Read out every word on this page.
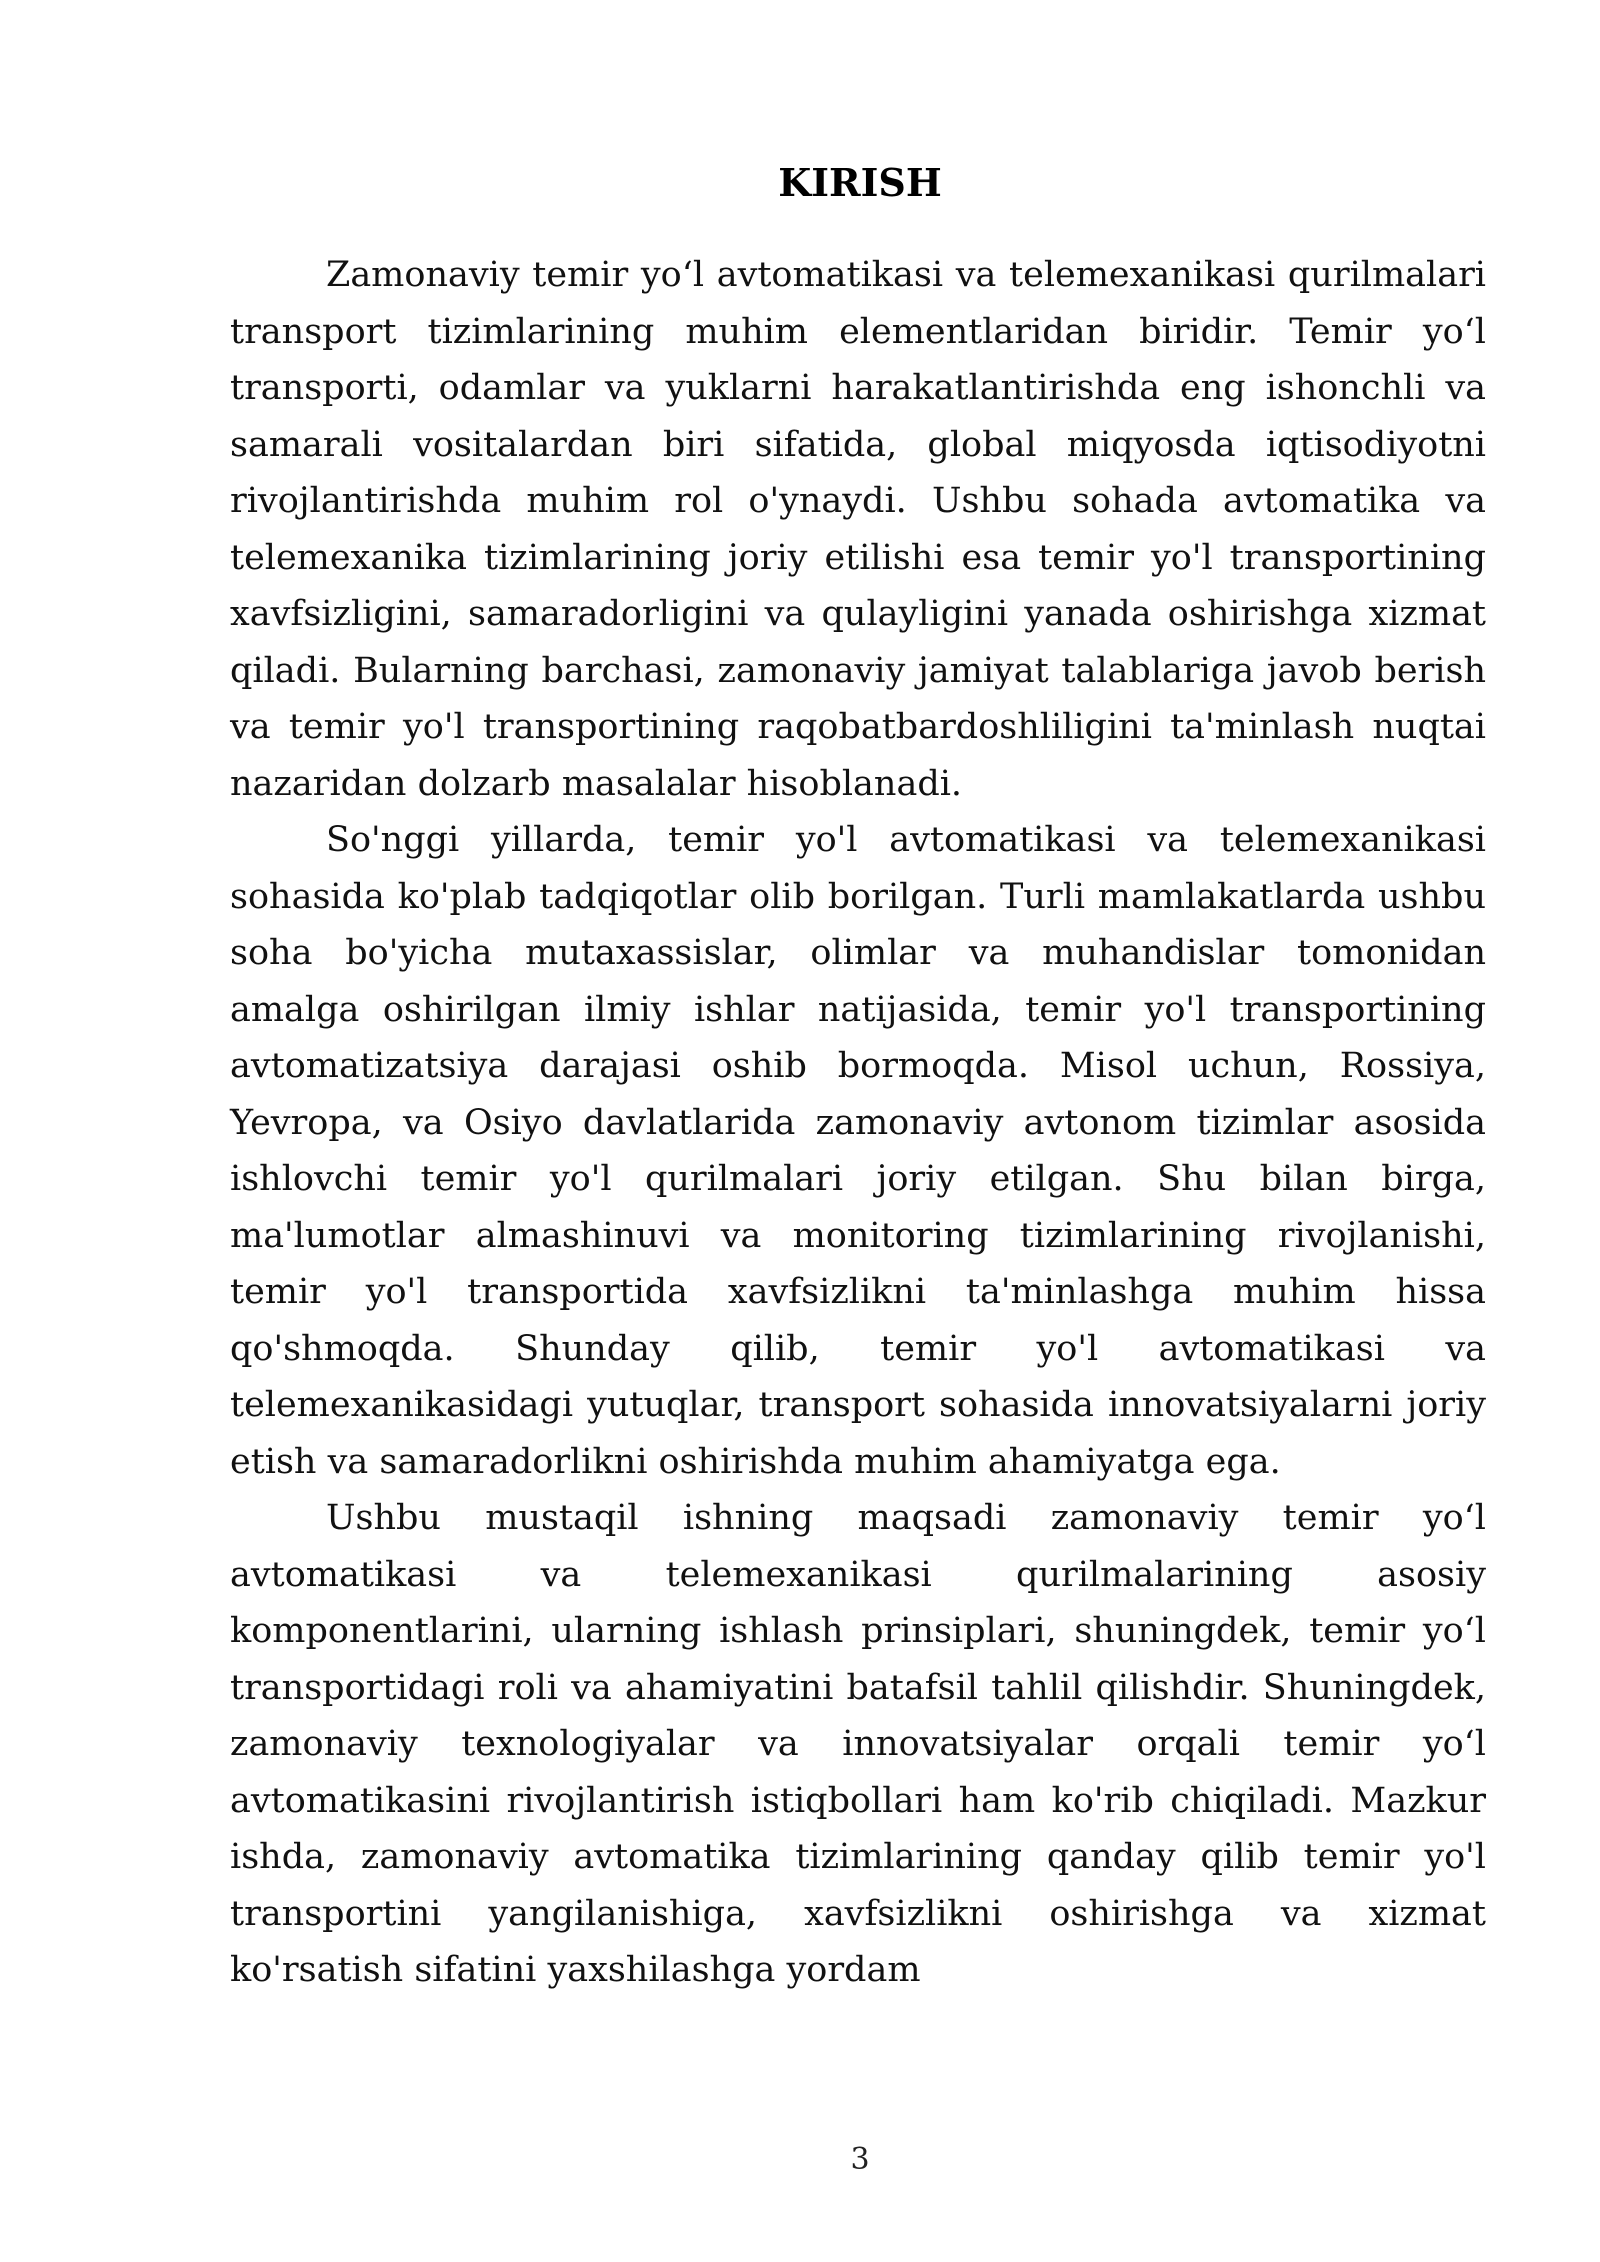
KIRISH

Zamonaviy temir yo‘l avtomatikasi va telemexanikasi qurilmalari transport tizimlarining muhim elementlaridan biridir. Temir yo‘l transporti, odamlar va yuklarni harakatlantirishda eng ishonchli va samarali vositalardan biri sifatida, global miqyosda iqtisodiyotni rivojlantirishda muhim rol o'ynaydi. Ushbu sohada avtomatika va telemexanika tizimlarining joriy etilishi esa temir yo'l transportining xavfsizligini, samaradorligini va qulayligini yanada oshirishga xizmat qiladi. Bularning barchasi, zamonaviy jamiyat talablariga javob berish va temir yo'l transportining raqobatbardoshliligini ta'minlash nuqtai nazaridan dolzarb masalalar hisoblanadi.

So'nggi yillarda, temir yo'l avtomatikasi va telemexanikasi sohasida ko'plab tadqiqotlar olib borilgan. Turli mamlakatlarda ushbu soha bo'yicha mutaxassislar, olimlar va muhandislar tomonidan amalga oshirilgan ilmiy ishlar natijasida, temir yo'l transportining avtomatizatsiya darajasi oshib bormoqda. Misol uchun, Rossiya, Yevropa, va Osiyo davlatlarida zamonaviy avtonom tizimlar asosida ishlovchi temir yo'l qurilmalari joriy etilgan. Shu bilan birga, ma'lumotlar almashinuvi va monitoring tizimlarining rivojlanishi, temir yo'l transportida xavfsizlikni ta'minlashga muhim hissa qo'shmoqda. Shunday qilib, temir yo'l avtomatikasi va telemexanikasidagi yutuqlar, transport sohasida innovatsiyalarni joriy etish va samaradorlikni oshirishda muhim ahamiyatga ega.

Ushbu mustaqil ishning maqsadi zamonaviy temir yo‘l avtomatikasi va telemexanikasi qurilmalarining asosiy komponentlarini, ularning ishlash prinsiplari, shuningdek, temir yo‘l transportidagi roli va ahamiyatini batafsil tahlil qilishdir. Shuningdek, zamonaviy texnologiyalar va innovatsiyalar orqali temir yo‘l avtomatikasini rivojlantirish istiqbollari ham ko'rib chiqiladi. Mazkur ishda, zamonaviy avtomatika tizimlarining qanday qilib temir yo'l transportini yangilanishiga, xavfsizlikni oshirishga va xizmat ko'rsatish sifatini yaxshilashga yordam

3
